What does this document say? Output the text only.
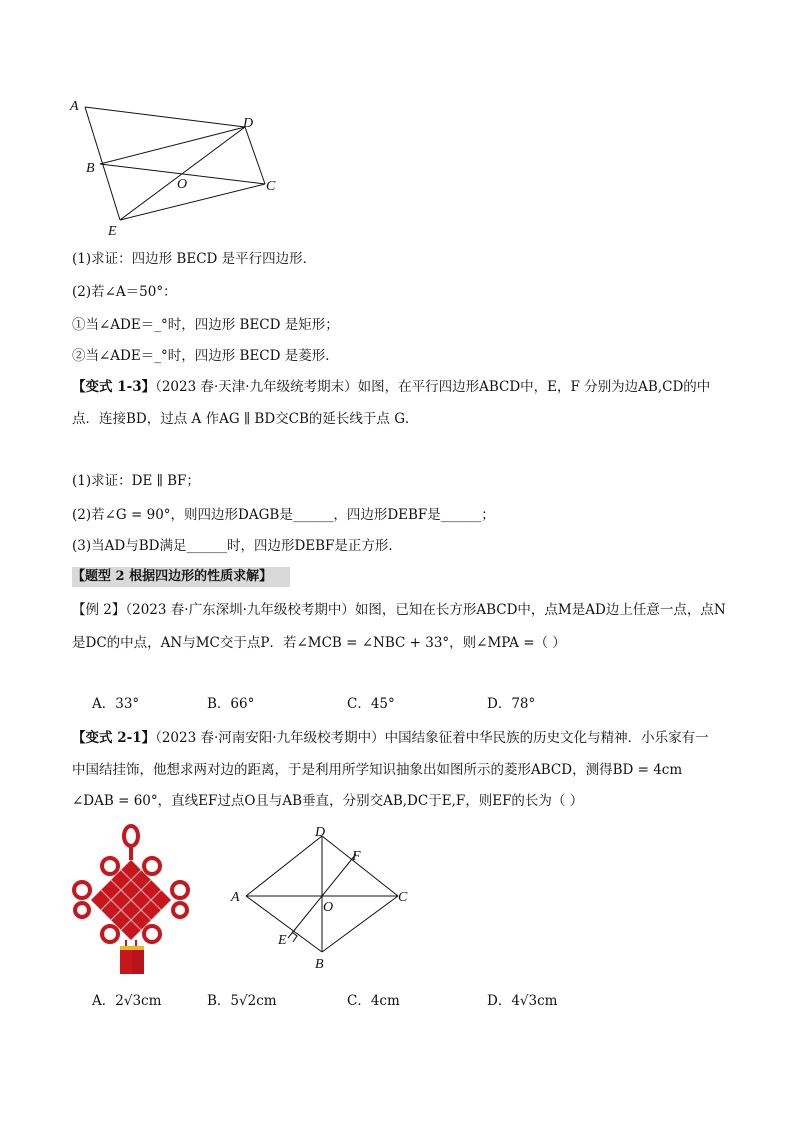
A
D
B
O	C
E
(1)求证：四边形 BECD 是平行四边形．
(2)若∠A＝50°：
①当∠ADE＝_°时，四边形 BECD 是矩形；
②当∠ADE＝_°时，四边形 BECD 是菱形．
【变式 1-3】（2023 春·天津·九年级统考期末）如图，在平行四边形ABCD中，E，F 分别为边AB,CD的中
点．连接BD，过点 A 作AG ∥ BD交CB的延长线于点 G．
(1)求证：DE ∥ BF；
(2)若∠G = 90°，则四边形DAGB是______，四边形DEBF是______；
(3)当AD与BD满足______时，四边形DEBF是正方形．
【题型 2 根据四边形的性质求解】
【例 2】（2023 春·广东深圳·九年级校考期中）如图，已知在长方形ABCD中，点M是AD边上任意一点，点N
是DC的中点，AN与MC交于点P．若∠MCB = ∠NBC + 33°，则∠MPA =（ ）
A．33°	B．66°	C．45°	D．78°
【变式 2-1】（2023 春·河南安阳·九年级校考期中）中国结象征着中华民族的历史文化与精神．小乐家有一
中国结挂饰，他想求两对边的距离，于是利用所学知识抽象出如图所示的菱形ABCD，测得BD = 4cm
∠DAB = 60°，直线EF过点O且与AB垂直，分别交AB,DC于E,F，则EF的长为（ ）
D
F
A
O
C
E
B
A．2√3cm	B．5√2cm	C．4cm	D．4√3cm
